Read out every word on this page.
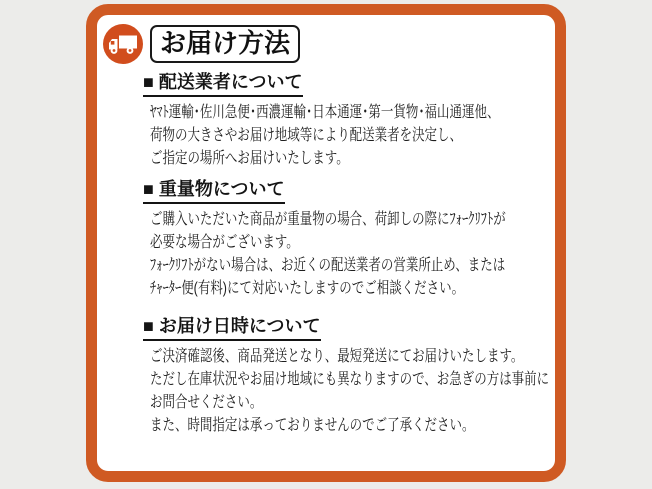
お届け方法
■ 配送業者について
ﾔﾏﾄ運輸･佐川急便･西濃運輸･日本通運･第一貨物･福山通運他、
荷物の大きさやお届け地域等により配送業者を決定し、
ご指定の場所へお届けいたします。
■ 重量物について
ご購入いただいた商品が重量物の場合、荷卸しの際にﾌｫｰｸﾘﾌﾄが
必要な場合がございます。
ﾌｫｰｸﾘﾌﾄがない場合は、お近くの配送業者の営業所止め、または
ﾁｬｰﾀｰ便(有料)にて対応いたしますのでご相談ください。
■ お届け日時について
ご決済確認後、商品発送となり、最短発送にてお届けいたします。
ただし在庫状況やお届け地域にも異なりますので、お急ぎの方は事前に
お問合せください。
また、時間指定は承っておりませんのでご了承ください。
